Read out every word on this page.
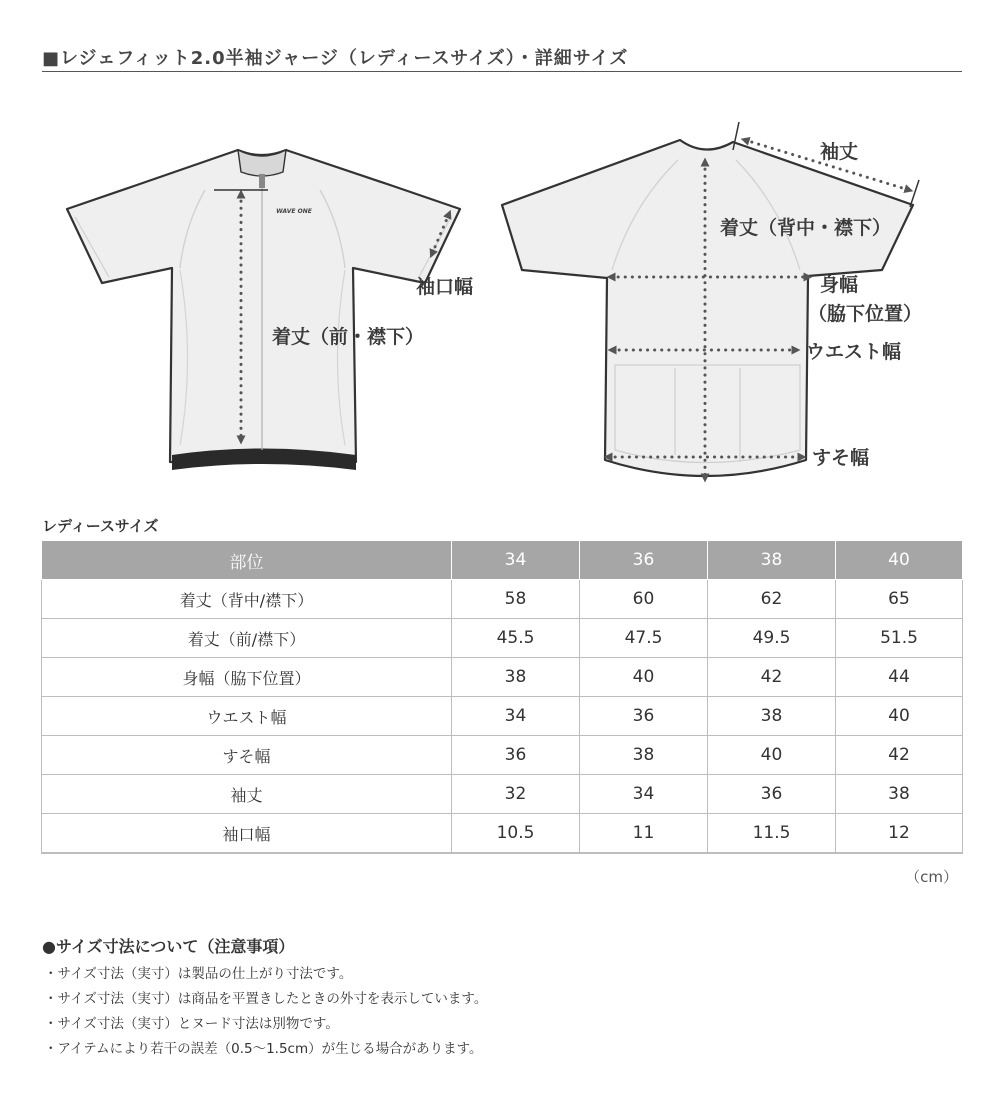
■レジェフィット2.0半袖ジャージ（レディースサイズ）・詳細サイズ
WAVE ONE
着丈（前・襟下）
袖口幅
袖丈
着丈（背中・襟下）
身幅
（脇下位置）
ウエスト幅
すそ幅
レディースサイズ
部位	34	36	38	40
着丈（背中/襟下）	58	60	62	65
着丈（前/襟下）	45.5	47.5	49.5	51.5
身幅（脇下位置）	38	40	42	44
ウエスト幅	34	36	38	40
すそ幅	36	38	40	42
袖丈	32	34	36	38
袖口幅	10.5	11	11.5	12
（cm）
●サイズ寸法について（注意事項）
・サイズ寸法（実寸）は製品の仕上がり寸法です。
・サイズ寸法（実寸）は商品を平置きしたときの外寸を表示しています。
・サイズ寸法（実寸）とヌード寸法は別物です。
・アイテムにより若干の誤差（0.5〜1.5cm）が生じる場合があります。
